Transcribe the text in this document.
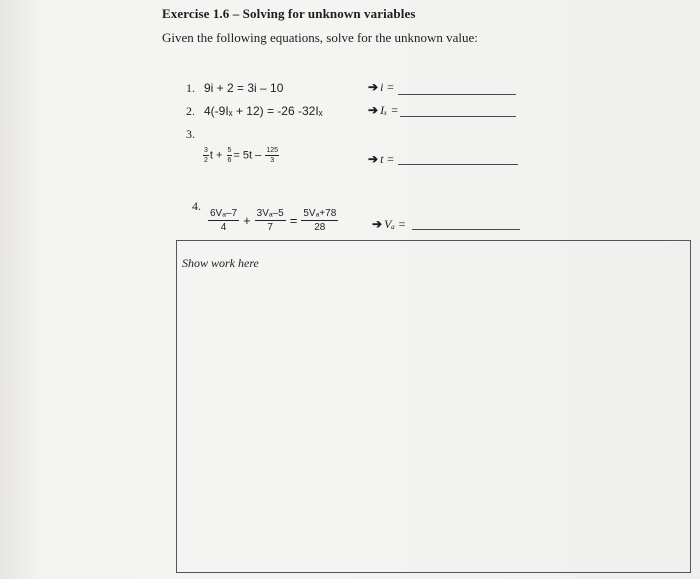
Exercise 1.6 – Solving for unknown variables
Given the following equations, solve for the unknown value:
1. 9i + 2 = 3i – 10	➔ i =
2. 4(-9Iₓ + 12) = -26 -32Iₓ	➔ Iₓ =
3.
$\frac{3}{2}$ $t + \frac{5}{6} = 5t - \frac{125}{3}$	➔ t =
4.
$\frac{\text{6Vₐ–7}}{4} + \frac{\text{3Vₐ–5}}{7} = \frac{\text{5Vₐ+78}}{28}$	➔ Vₐ =
Show work here
